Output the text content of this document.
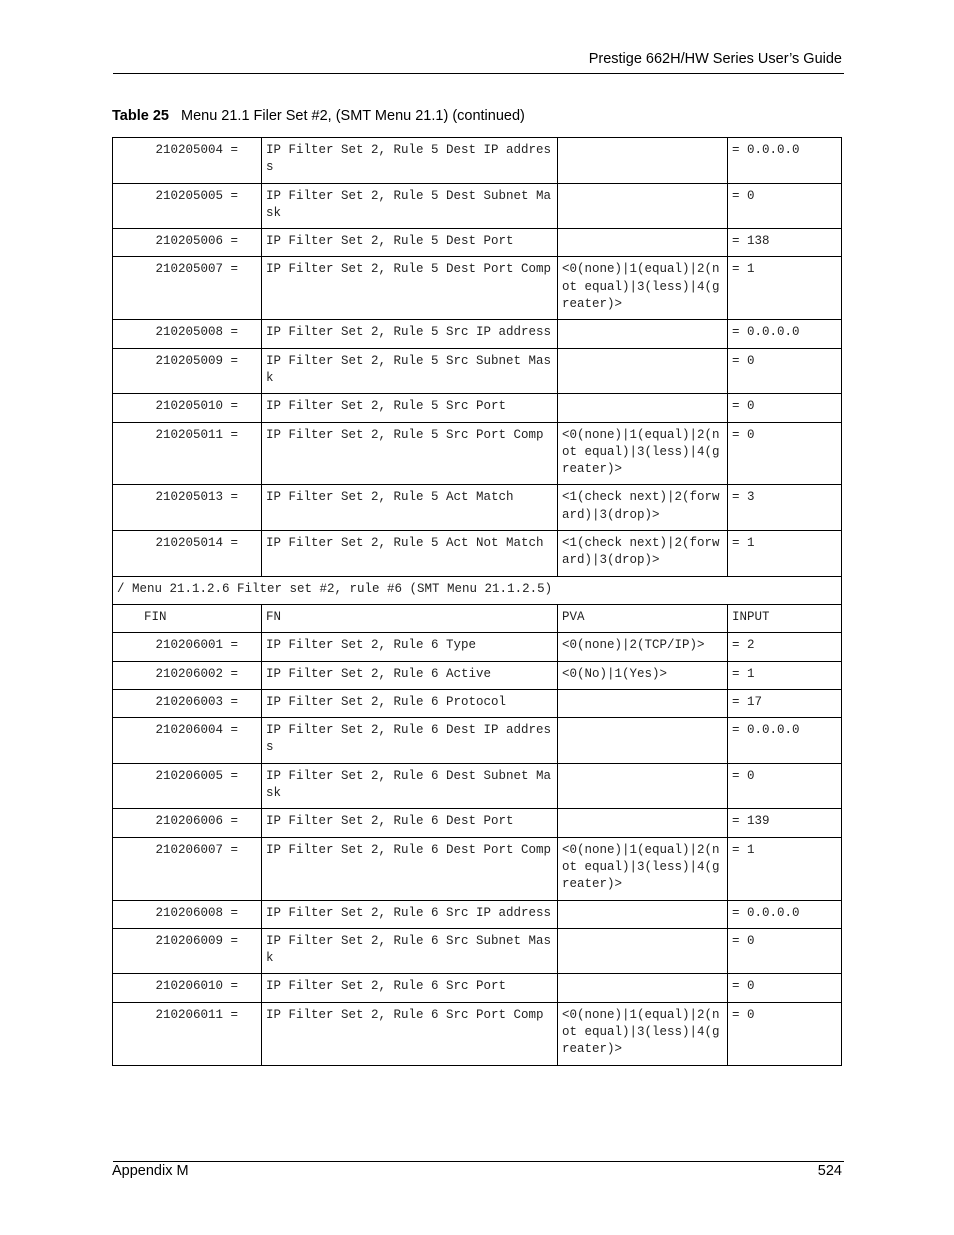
Prestige 662H/HW Series User’s Guide
Table 25 Menu 21.1 Filer Set #2, (SMT Menu 21.1) (continued)
210205004 =	IP Filter Set 2, Rule 5 Dest IP address		= 0.0.0.0
210205005 =	IP Filter Set 2, Rule 5 Dest Subnet Mask		= 0
210205006 =	IP Filter Set 2, Rule 5 Dest Port		= 138
210205007 =	IP Filter Set 2, Rule 5 Dest Port Comp	<0(none)|1(equal)|2(not equal)|3(less)|4(greater)>	= 1
210205008 =	IP Filter Set 2, Rule 5 Src IP address		= 0.0.0.0
210205009 =	IP Filter Set 2, Rule 5 Src Subnet Mask		= 0
210205010 =	IP Filter Set 2, Rule 5 Src Port		= 0
210205011 =	IP Filter Set 2, Rule 5 Src Port Comp	<0(none)|1(equal)|2(not equal)|3(less)|4(greater)>	= 0
210205013 =	IP Filter Set 2, Rule 5 Act Match	<1(check next)|2(forward)|3(drop)>	= 3
210205014 =	IP Filter Set 2, Rule 5 Act Not Match	<1(check next)|2(forward)|3(drop)>	= 1
/ Menu 21.1.2.6 Filter set #2, rule #6 (SMT Menu 21.1.2.5)			
FIN	FN	PVA	INPUT
210206001 =	IP Filter Set 2, Rule 6 Type	<0(none)|2(TCP/IP)>	= 2
210206002 =	IP Filter Set 2, Rule 6 Active	<0(No)|1(Yes)>	= 1
210206003 =	IP Filter Set 2, Rule 6 Protocol		= 17
210206004 =	IP Filter Set 2, Rule 6 Dest IP address		= 0.0.0.0
210206005 =	IP Filter Set 2, Rule 6 Dest Subnet Mask		= 0
210206006 =	IP Filter Set 2, Rule 6 Dest Port		= 139
210206007 =	IP Filter Set 2, Rule 6 Dest Port Comp	<0(none)|1(equal)|2(not equal)|3(less)|4(greater)>	= 1
210206008 =	IP Filter Set 2, Rule 6 Src IP address		= 0.0.0.0
210206009 =	IP Filter Set 2, Rule 6 Src Subnet Mask		= 0
210206010 =	IP Filter Set 2, Rule 6 Src Port		= 0
210206011 =	IP Filter Set 2, Rule 6 Src Port Comp	<0(none)|1(equal)|2(not equal)|3(less)|4(greater)>	= 0
Appendix M	524
